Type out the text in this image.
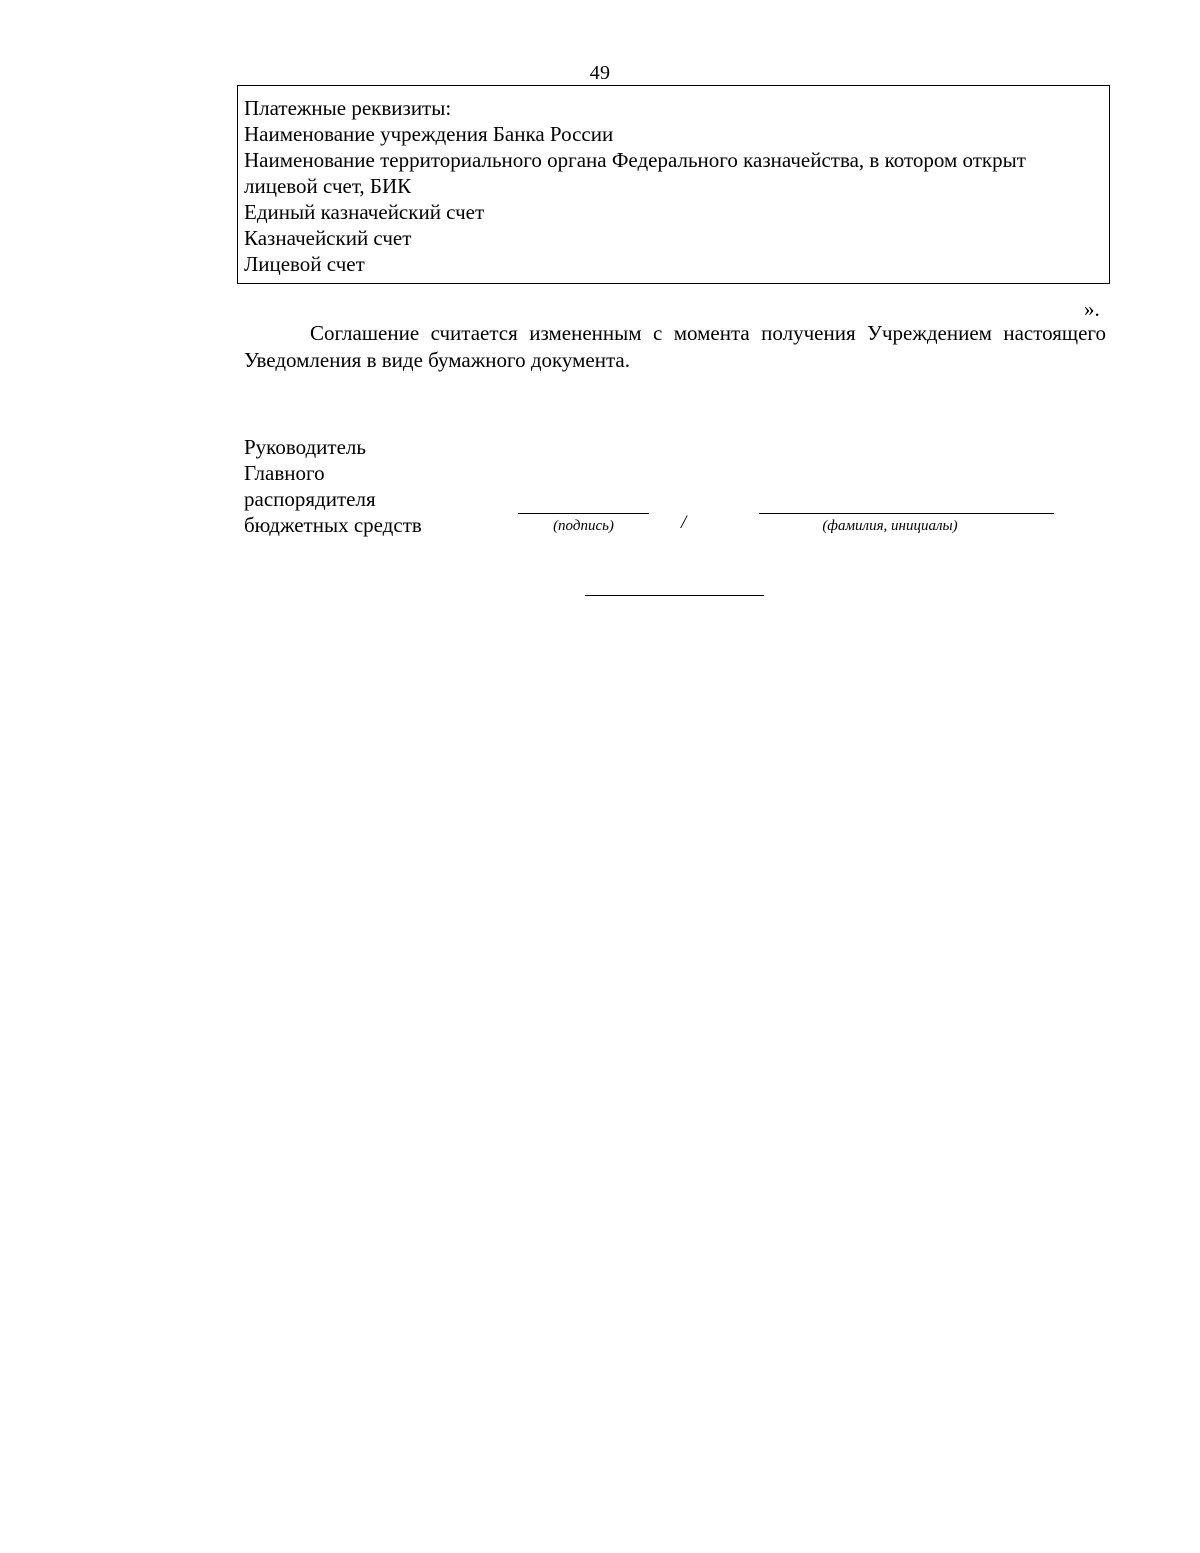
49
Платежные реквизиты:
Наименование учреждения Банка России
Наименование территориального органа Федерального казначейства, в котором открыт
лицевой счет, БИК
Единый казначейский счет
Казначейский счет
Лицевой счет
».
Соглашение считается измененным с момента получения Учреждением настоящего Уведомления в виде бумажного документа.
Руководитель
Главного
распорядителя
бюджетных средств	(подпись)	/	(фамилия, инициалы)
